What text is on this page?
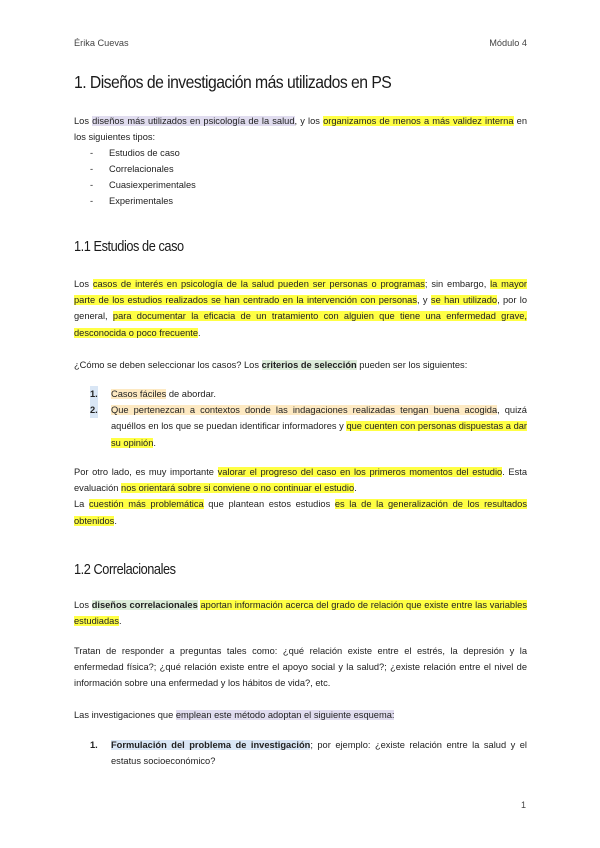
Érika Cuevas	Módulo 4
1. Diseños de investigación más utilizados en PS
Los diseños más utilizados en psicología de la salud, y los organizamos de menos a más validez interna en los siguientes tipos:
- Estudios de caso
- Correlacionales
- Cuasiexperimentales
- Experimentales
1.1 Estudios de caso
Los casos de interés en psicología de la salud pueden ser personas o programas; sin embargo, la mayor parte de los estudios realizados se han centrado en la intervención con personas, y se han utilizado, por lo general, para documentar la eficacia de un tratamiento con alguien que tiene una enfermedad grave, desconocida o poco frecuente.
¿Cómo se deben seleccionar los casos? Los criterios de selección pueden ser los siguientes:
1. Casos fáciles de abordar.
2. Que pertenezcan a contextos donde las indagaciones realizadas tengan buena acogida, quizá aquéllos en los que se puedan identificar informadores y que cuenten con personas dispuestas a dar su opinión.
Por otro lado, es muy importante valorar el progreso del caso en los primeros momentos del estudio. Esta evaluación nos orientará sobre si conviene o no continuar el estudio.
La cuestión más problemática que plantean estos estudios es la de la generalización de los resultados obtenidos.
1.2 Correlacionales
Los diseños correlacionales aportan información acerca del grado de relación que existe entre las variables estudiadas.
Tratan de responder a preguntas tales como: ¿qué relación existe entre el estrés, la depresión y la enfermedad física?; ¿qué relación existe entre el apoyo social y la salud?; ¿existe relación entre el nivel de información sobre una enfermedad y los hábitos de vida?, etc.
Las investigaciones que emplean este método adoptan el siguiente esquema:
1. Formulación del problema de investigación; por ejemplo: ¿existe relación entre la salud y el estatus socioeconómico?
1
